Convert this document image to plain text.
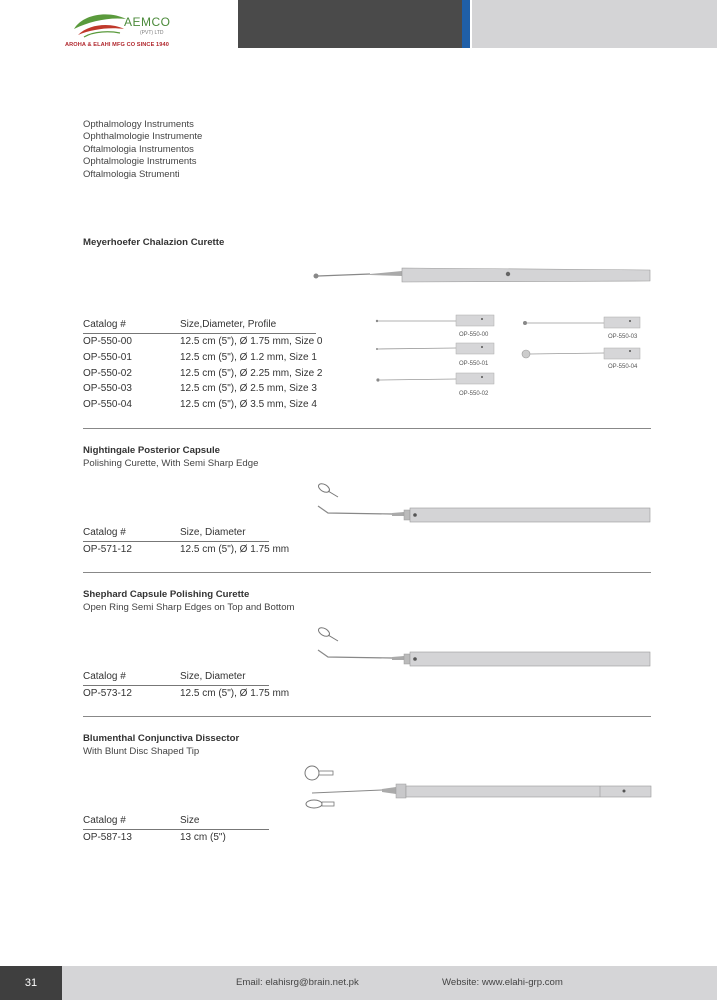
AEMCO
(PVT) LTD
AROHA & ELAHI MFG CO SINCE 1940
Opthalmology Instruments
Ophthalmologie Instrumente
Oftalmologia Instrumentos
Ophtalmologie Instruments
Oftalmologia Strumenti
Meyerhoefer Chalazion Curette
Catalog #	Size,Diameter, Profile
OP-550-00	12.5 cm (5"), Ø 1.75 mm, Size 0
OP-550-01	12.5 cm (5"), Ø 1.2 mm, Size 1
OP-550-02	12.5 cm (5"), Ø 2.25 mm, Size 2
OP-550-03	12.5 cm (5"), Ø 2.5 mm, Size 3
OP-550-04	12.5 cm (5"), Ø 3.5 mm, Size 4
OP-550-00
OP-550-01
OP-550-02
OP-550-03
OP-550-04
Nightingale Posterior Capsule
Polishing Curette, With Semi Sharp Edge
Catalog #	Size, Diameter
OP-571-12	12.5 cm (5"), Ø 1.75 mm
Shephard Capsule Polishing Curette
Open Ring Semi Sharp Edges on Top and Bottom
Catalog #	Size, Diameter
OP-573-12	12.5 cm (5"), Ø 1.75 mm
Blumenthal Conjunctiva Dissector
With Blunt Disc Shaped Tip
Catalog #	Size
OP-587-13	13 cm (5")
31	Email: elahisrg@brain.net.pk	Website: www.elahi-grp.com
